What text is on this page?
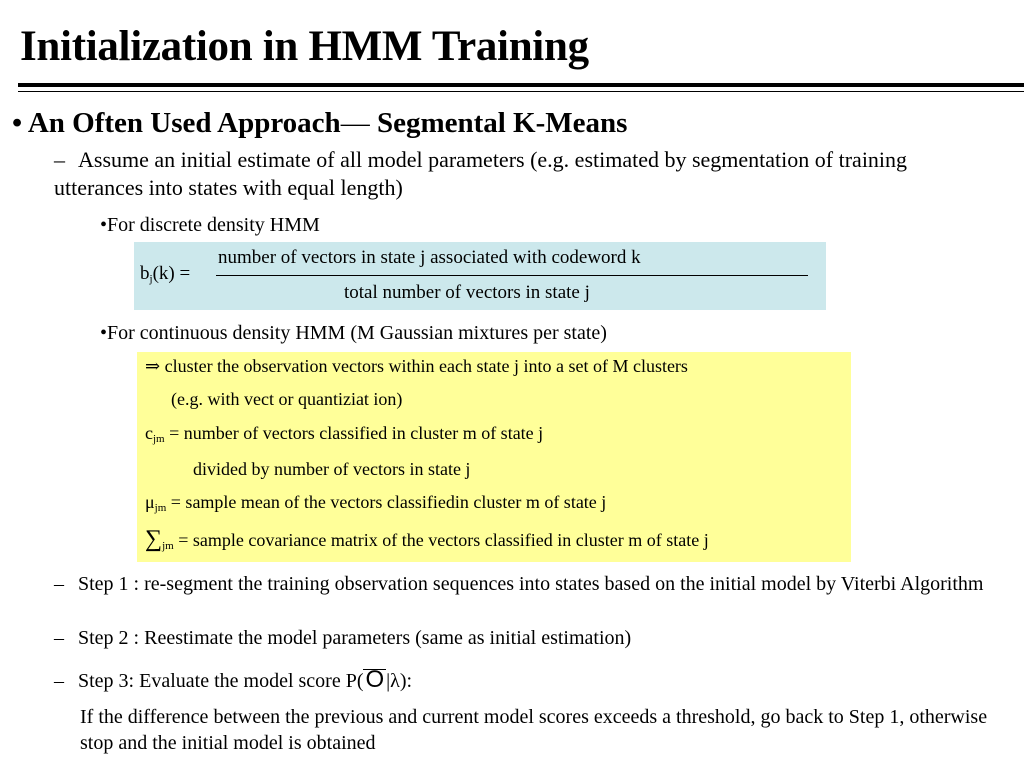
Initialization in HMM Training
• An Often Used Approach— Segmental K-Means
– Assume an initial estimate of all model parameters (e.g. estimated by segmentation of training utterances into states with equal length)
•For discrete density HMM
$b_j(k)$ =
number of vectors in state j associated with codeword k
total number of vectors in state j
•For continuous density HMM (M Gaussian mixtures per state)
⇒ cluster the observation vectors within each state j into a set of M clusters
(e.g. with vect or quantiziat ion)
$c_{jm}$ = number of vectors classified in cluster m of state j
divided by number of vectors in state j
$\mu_{jm}$ = sample mean of the vectors classifiedin cluster m of state j
$\sum_{jm}$ = sample covariance matrix of the vectors classified in cluster m of state j
– Step 1 : re-segment the training observation sequences into states based on the initial model by Viterbi Algorithm
– Step 2 : Reestimate the model parameters (same as initial estimation)
– Step 3: Evaluate the model score P(O |λ):
If the difference between the previous and current model scores exceeds a threshold, go back to Step 1, otherwise stop and the initial model is obtained
